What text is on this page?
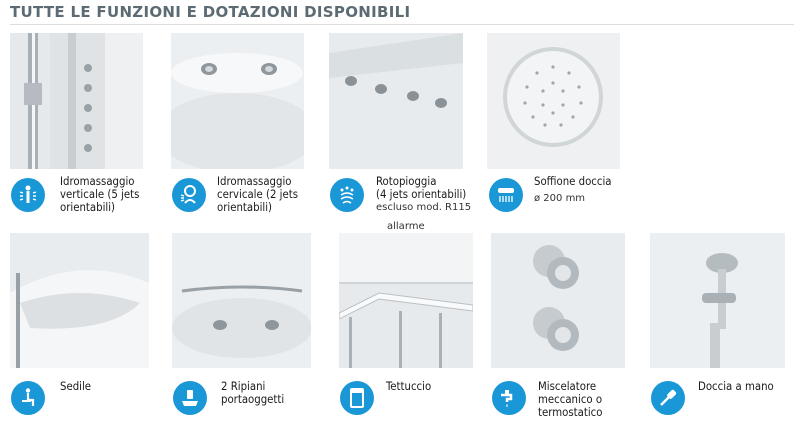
TUTTE LE FUNZIONI E DOTAZIONI DISPONIBILI
Idromassaggio
verticale (5 jets
orientabili)
Idromassaggio
cervicale (2 jets
orientabili)
Rotopioggia
(4 jets orientabili)
escluso mod. R115
Soffione doccia
ø 200 mm
allarme
Sedile	2 Ripiani
portaoggetti
Tettuccio	Miscelatore
meccanico o
termostatico
Doccia a mano
